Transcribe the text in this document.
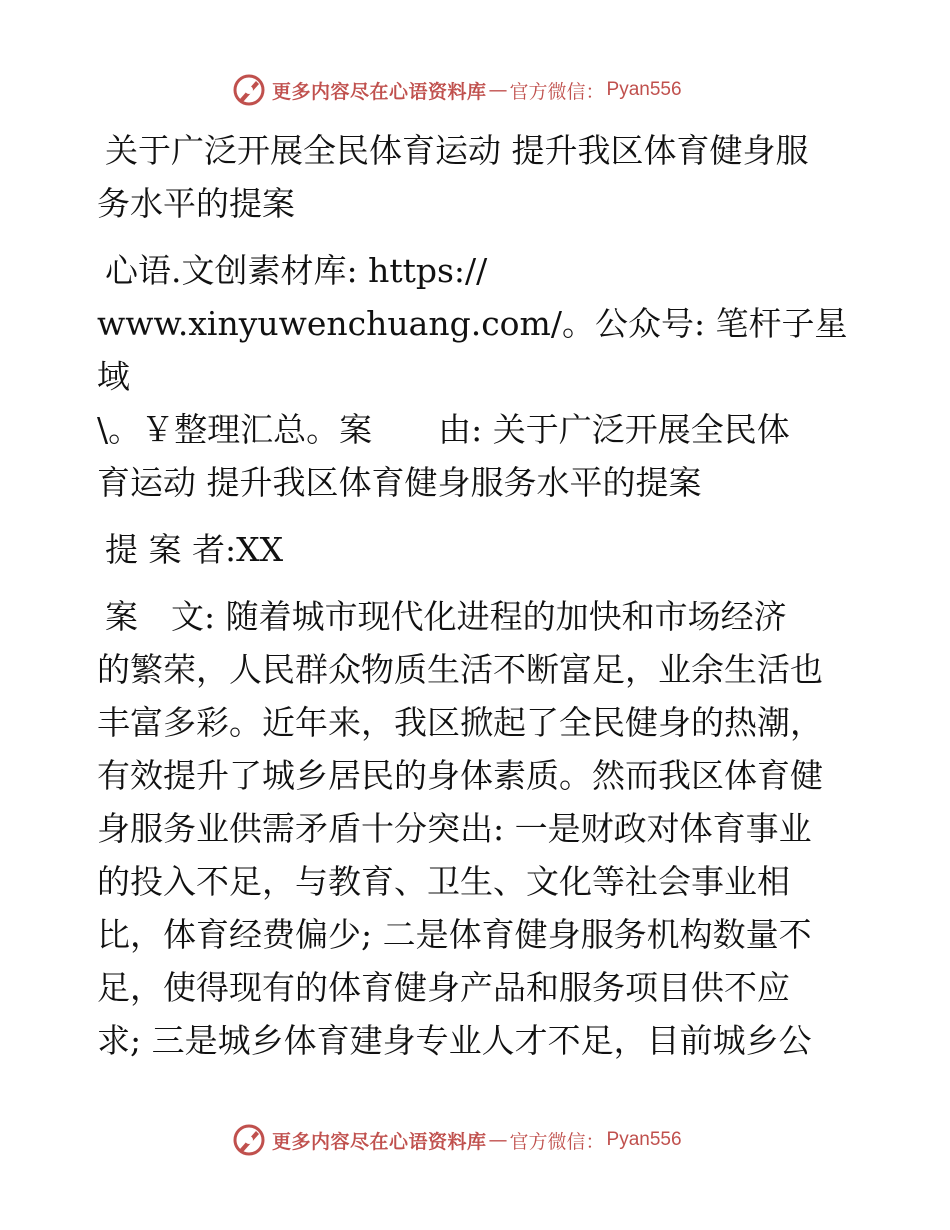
更多内容尽在心语资料库 — 官方微信： Pyan556

关于广泛开展全民体育运动 提升我区体育健身服

务水平的提案

心语.文创素材库: https://

www.xinyuwenchuang.com/。公众号: 笔杆子星域

\。￥整理汇总。案　　由: 关于广泛开展全民体

育运动 提升我区体育健身服务水平的提案

提 案 者:XX

案　文: 随着城市现代化进程的加快和市场经济

的繁荣，人民群众物质生活不断富足，业余生活也

丰富多彩。近年来，我区掀起了全民健身的热潮，

有效提升了城乡居民的身体素质。然而我区体育健

身服务业供需矛盾十分突出: 一是财政对体育事业

的投入不足，与教育、卫生、文化等社会事业相

比，体育经费偏少; 二是体育健身服务机构数量不

足，使得现有的体育健身产品和服务项目供不应

求; 三是城乡体育建身专业人才不足，目前城乡公

更多内容尽在心语资料库 — 官方微信： Pyan556
